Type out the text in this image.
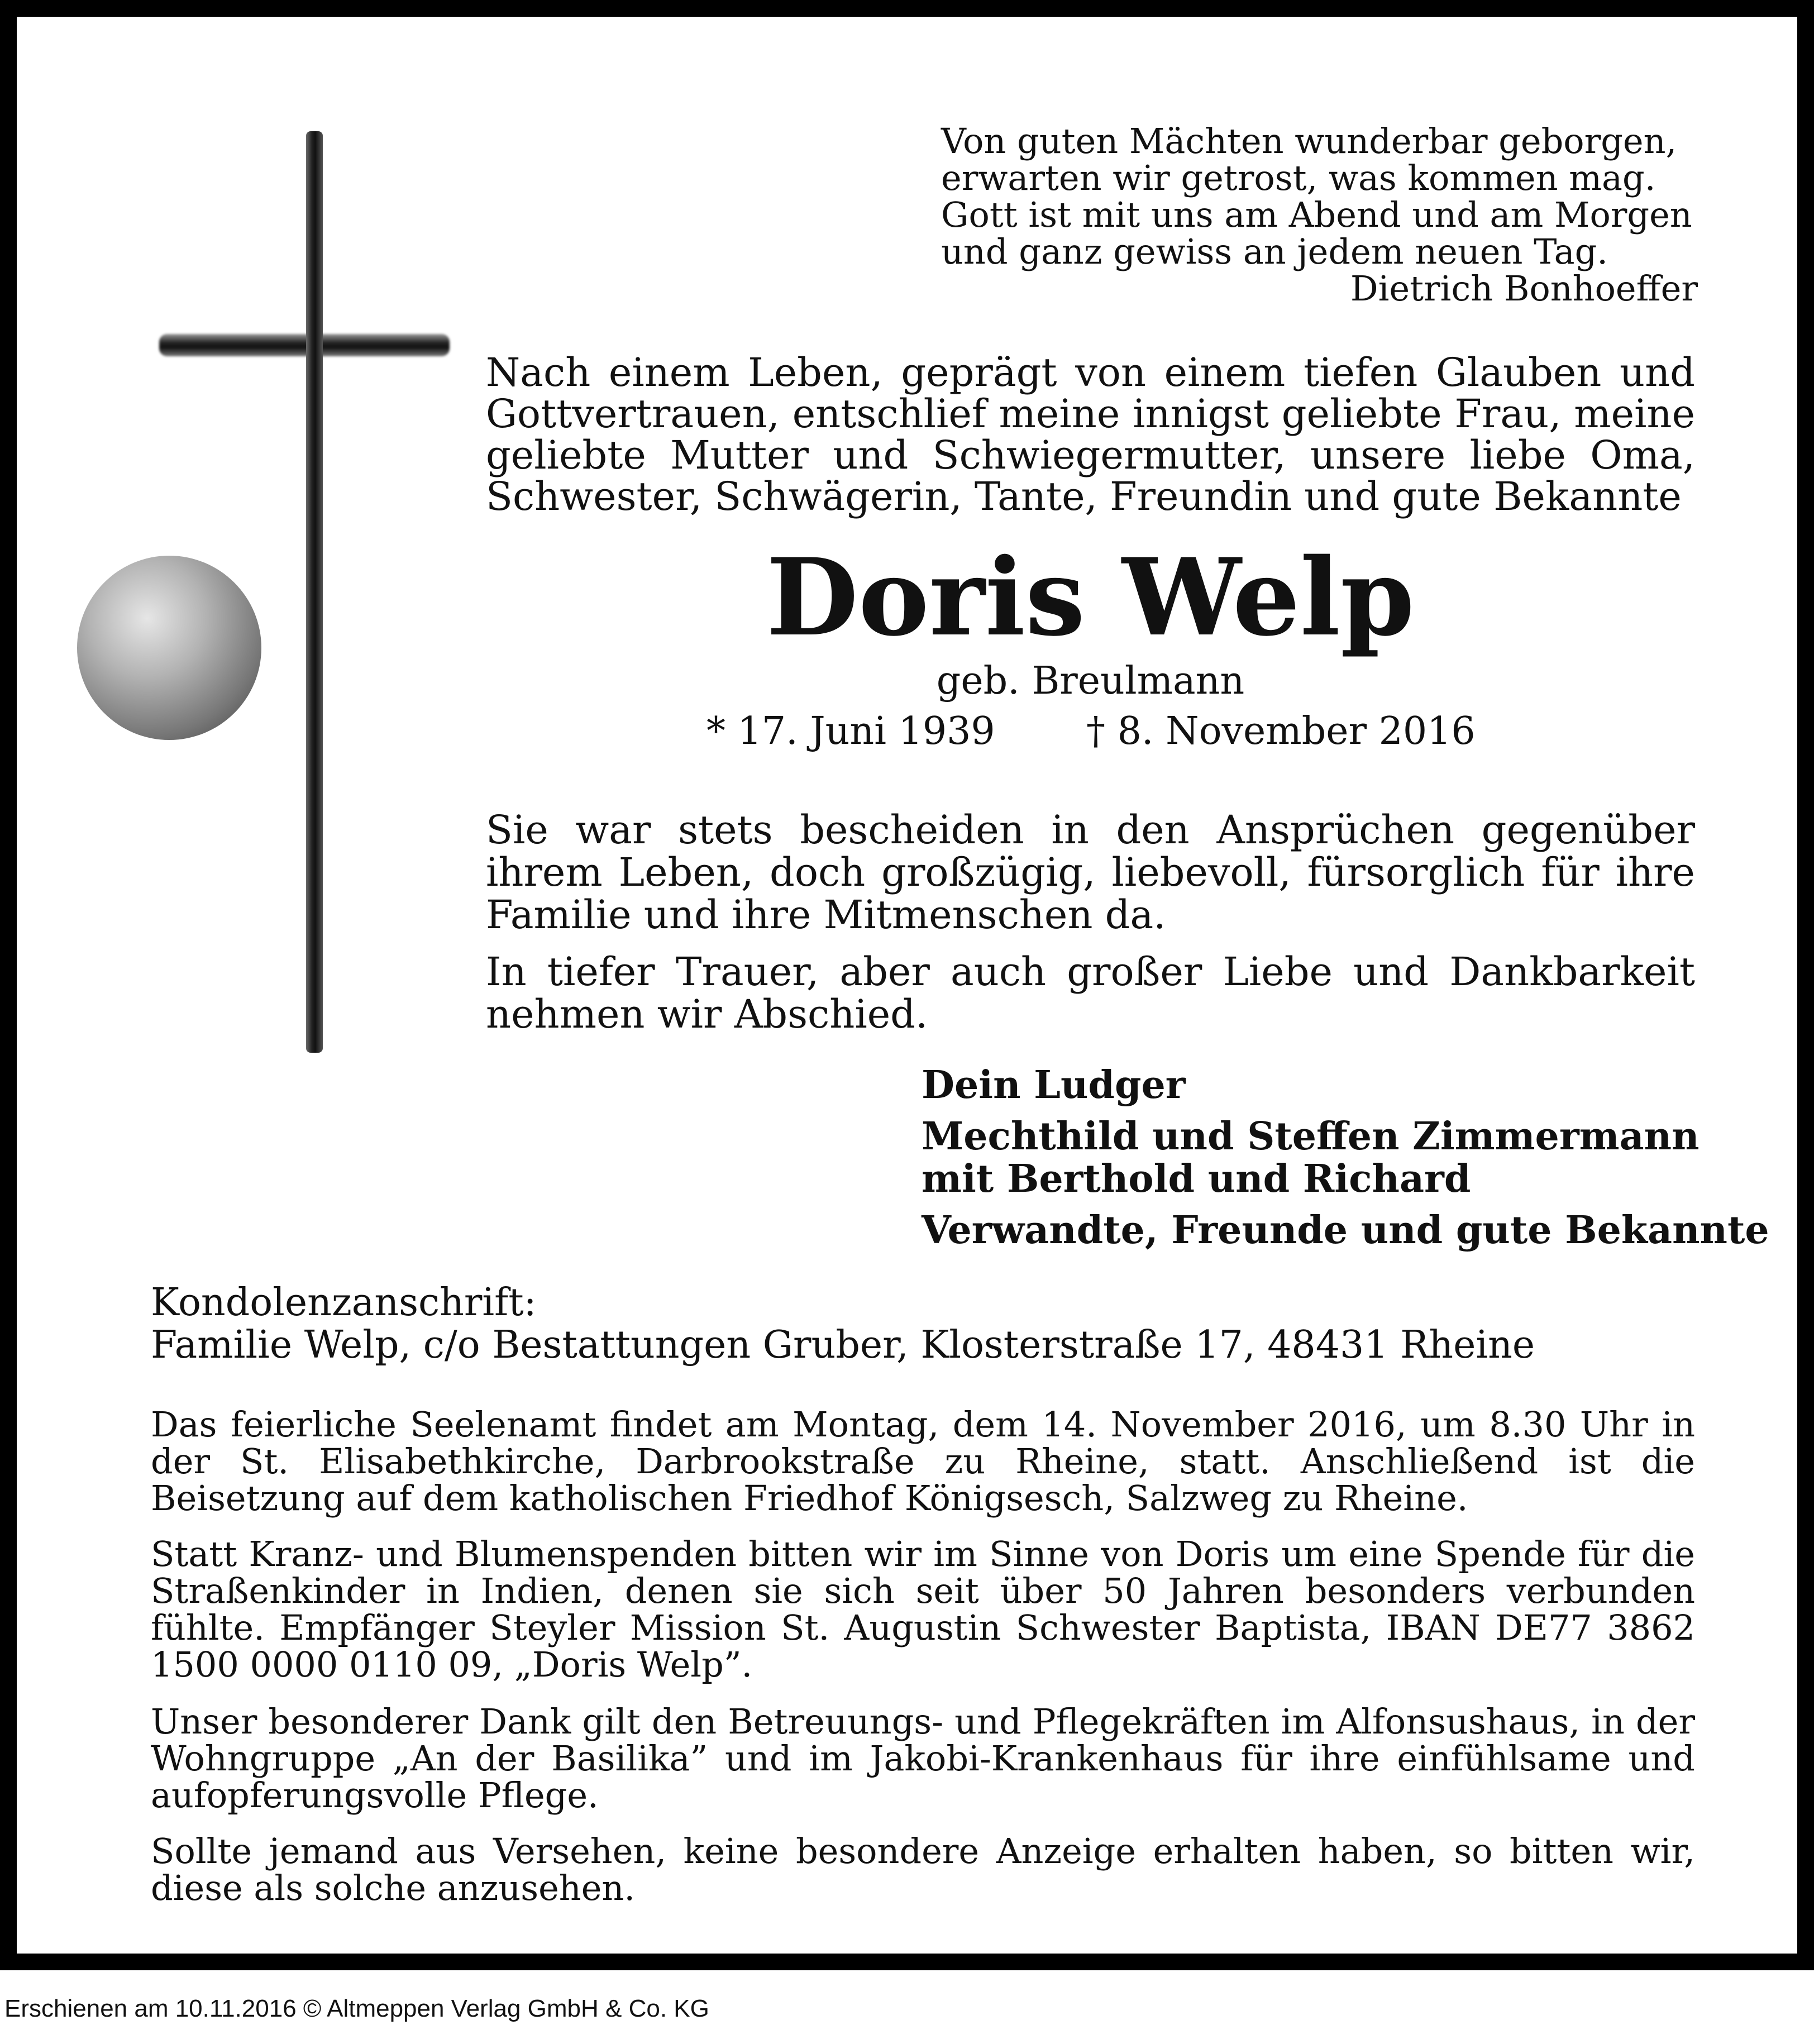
Von guten Mächten wunderbar geborgen,
erwarten wir getrost, was kommen mag.
Gott ist mit uns am Abend und am Morgen
und ganz gewiss an jedem neuen Tag.
Dietrich Bonhoeffer
Nach einem Leben, geprägt von einem tiefen Glauben und Gottvertrauen, entschlief meine innigst geliebte Frau, meine geliebte Mutter und Schwiegermutter, unsere liebe Oma, Schwester, Schwägerin, Tante, Freundin und gute Bekannte
Doris Welp
geb. Breulmann
* 17. Juni 1939 † 8. November 2016
Sie war stets bescheiden in den Ansprüchen gegenüber ihrem Leben, doch großzügig, liebevoll, fürsorglich für ihre Familie und ihre Mitmenschen da.
In tiefer Trauer, aber auch großer Liebe und Dankbarkeit nehmen wir Abschied.
Dein Ludger
Mechthild und Steffen Zimmermann
mit Berthold und Richard
Verwandte, Freunde und gute Bekannte
Kondolenzanschrift:
Familie Welp, c/o Bestattungen Gruber, Klosterstraße 17, 48431 Rheine
Das feierliche Seelenamt findet am Montag, dem 14. November 2016, um 8.30 Uhr in der St. Elisabethkirche, Darbrookstraße zu Rheine, statt. Anschließend ist die Beisetzung auf dem katholischen Friedhof Königsesch, Salzweg zu Rheine.
Statt Kranz- und Blumenspenden bitten wir im Sinne von Doris um eine Spende für die Straßenkinder in Indien, denen sie sich seit über 50 Jahren besonders verbunden fühlte. Empfänger Steyler Mission St. Augustin Schwester Baptista, IBAN DE77 3862 1500 0000 0110 09, „Doris Welp”.
Unser besonderer Dank gilt den Betreuungs- und Pflegekräften im Alfonsushaus, in der Wohngruppe „An der Basilika” und im Jakobi-Krankenhaus für ihre einfühlsame und aufopferungsvolle Pflege.
Sollte jemand aus Versehen, keine besondere Anzeige erhalten haben, so bitten wir, diese als solche anzusehen.
Erschienen am 10.11.2016 © Altmeppen Verlag GmbH & Co. KG
